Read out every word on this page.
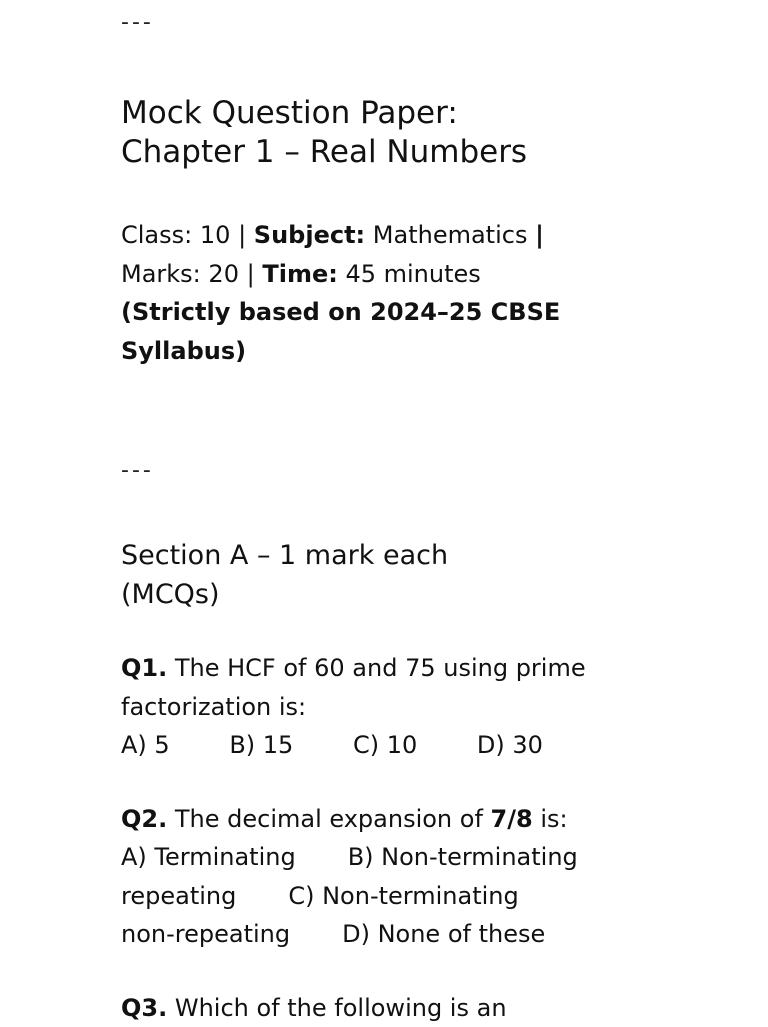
---
Mock Question Paper:
Chapter 1 – Real Numbers
Class: 10 | Subject: Mathematics |
Marks: 20 | Time: 45 minutes
(Strictly based on 2024–25 CBSE
Syllabus)
---
Section A – 1 mark each
(MCQs)
Q1. The HCF of 60 and 75 using prime
factorization is:
A) 5 B) 15 C) 10 D) 30
Q2. The decimal expansion of 7/8 is:
A) Terminating B) Non-terminating
repeating C) Non-terminating
non-repeating D) None of these
Q3. Which of the following is an
